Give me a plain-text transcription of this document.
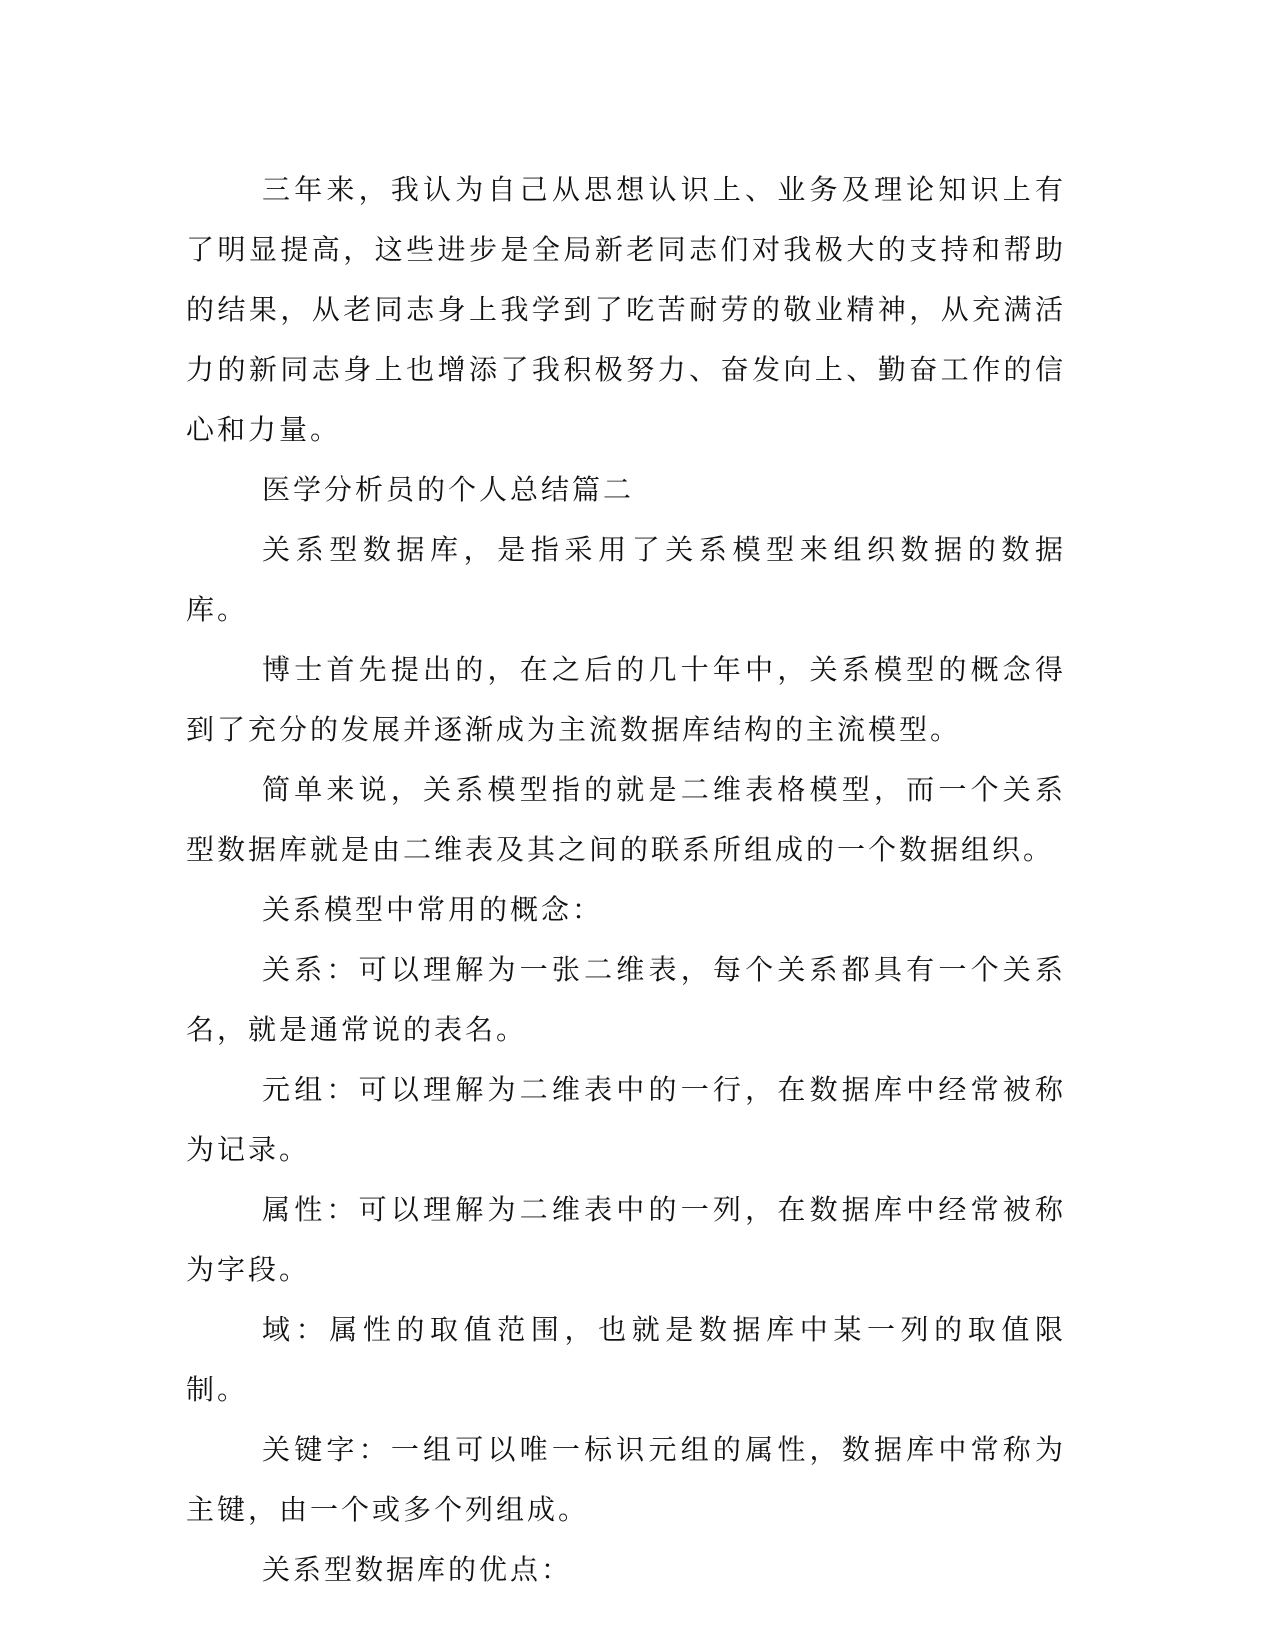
三年来，我认为自己从思想认识上、业务及理论知识上有了明显提高，这些进步是全局新老同志们对我极大的支持和帮助的结果，从老同志身上我学到了吃苦耐劳的敬业精神，从充满活力的新同志身上也增添了我积极努力、奋发向上、勤奋工作的信心和力量。

医学分析员的个人总结篇二

关系型数据库，是指采用了关系模型来组织数据的数据库。

博士首先提出的，在之后的几十年中，关系模型的概念得到了充分的发展并逐渐成为主流数据库结构的主流模型。

简单来说，关系模型指的就是二维表格模型，而一个关系型数据库就是由二维表及其之间的联系所组成的一个数据组织。

关系模型中常用的概念：

关系：可以理解为一张二维表，每个关系都具有一个关系名，就是通常说的表名。

元组：可以理解为二维表中的一行，在数据库中经常被称为记录。

属性：可以理解为二维表中的一列，在数据库中经常被称为字段。

域：属性的取值范围，也就是数据库中某一列的取值限制。

关键字：一组可以唯一标识元组的属性，数据库中常称为主键，由一个或多个列组成。

关系型数据库的优点：
